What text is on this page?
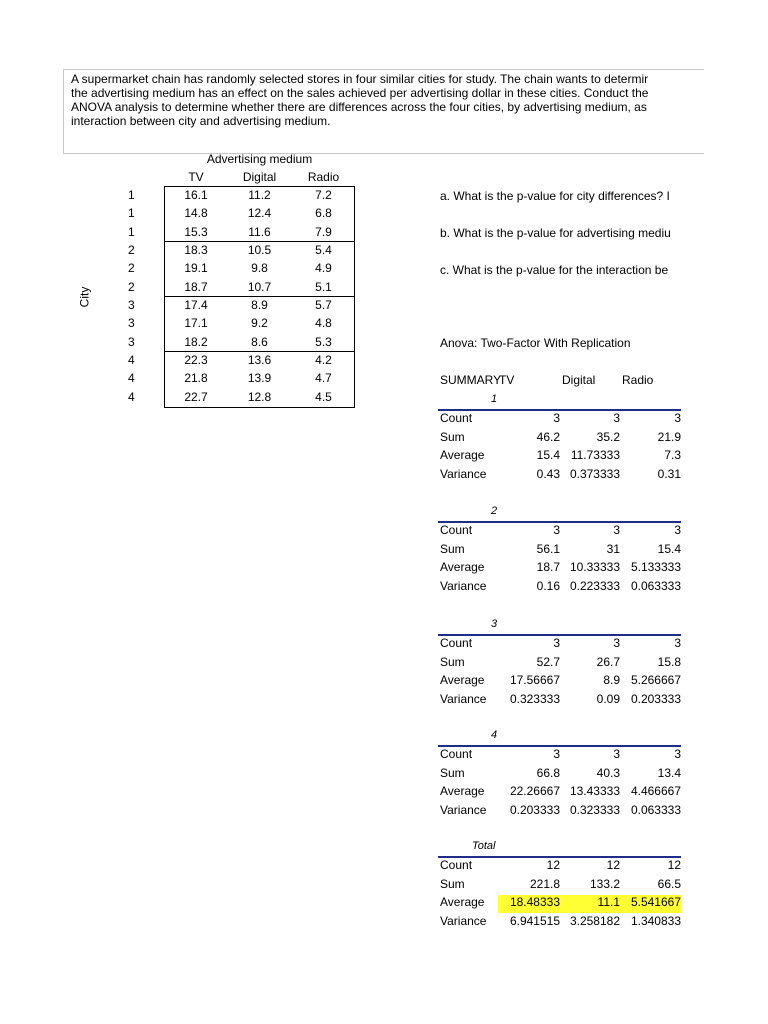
A supermarket chain has randomly selected stores in four similar cities for study. The chain wants to determir
the advertising medium has an effect on the sales achieved per advertising dollar in these cities. Conduct the
ANOVA analysis to determine whether there are differences across the four cities, by advertising medium, as
interaction between city and advertising medium.
a. What is the p-value for city differences? I
b. What is the p-value for advertising mediu
c. What is the p-value for the interaction be
Anova: Two-Factor With Replication
SUMMARY
TV	Digital Radio
1
Count	3	3	3
Sum	46.2	35.2	21.9
Average	15.4 11.73333	7.3
Variance	0.43 0.373333	0.31
2
Count	3	3	3
Sum	56.1	31	15.4
Average	18.7 10.33333 5.133333
Variance	0.16 0.223333 0.063333
3
Count	3	3	3
Sum	52.7	26.7	15.8
Average	17.56667	8.9 5.266667
Variance	0.323333	0.09 0.203333
4
Count	3	3	3
Sum	66.8	40.3	13.4
Average	22.26667 13.43333 4.466667
Variance	0.203333 0.323333 0.063333
Total
Count	12	12	12
Sum	221.8	133.2	66.5
Average	18.48333	11.1 5.541667
Variance	6.941515 3.258182 1.340833
Advertising medium
TV	Digital	Radio
City
1	16.1	11.2	7.2
1	14.8	12.4	6.8
1	15.3	11.6	7.9
2	18.3	10.5	5.4
2	19.1	9.8	4.9
2	18.7	10.7	5.1
3	17.4	8.9	5.7
3	17.1	9.2	4.8
3	18.2	8.6	5.3
4	22.3	13.6	4.2
4	21.8	13.9	4.7
4	22.7	12.8	4.5
